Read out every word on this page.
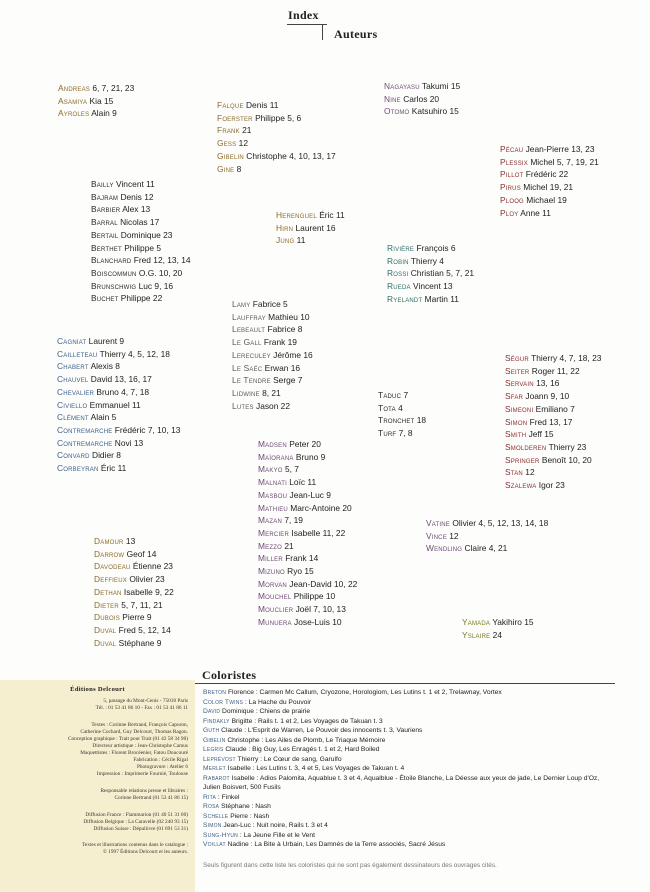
Index
Auteurs
Andreas 6, 7, 21, 23
Asamiya Kia 15
Ayroles Alain 9
Bailly Vincent 11
Bajram Denis 12
Barbier Alex 13
Barral Nicolas 17
Bertail Dominique 23
Berthet Philippe 5
Blanchard Fred 12, 13, 14
Boiscommun O.G. 10, 20
Brunschwig Luc 9, 16
Buchet Philippe 22
Cagniat Laurent 9
Cailleteau Thierry 4, 5, 12, 18
Chabert Alexis 8
Chauvel David 13, 16, 17
Chevalier Bruno 4, 7, 18
Civiello Emmanuel 11
Clément Alain 5
Contremarche Frédéric 7, 10, 13
Contremarche Novi 13
Convard Didier 8
Corbeyran Éric 11
Damour 13
Darrow Geof 14
Davodeau Étienne 23
Deffieux Olivier 23
Dethan Isabelle 9, 22
Dieter 5, 7, 11, 21
Dubois Pierre 9
Duval Fred 5, 12, 14
Duval Stéphane 9
Falque Denis 11
Foerster Philippe 5, 6
Frank 21
Gess 12
Gibelin Christophe 4, 10, 13, 17
Gine 8
Herenguel Éric 11
Hirn Laurent 16
Jung 11
Lamy Fabrice 5
Lauffray Mathieu 10
Lebeault Fabrice 8
Le Gall Frank 19
Lereculey Jérôme 16
Le Saëc Erwan 16
Le Tendre Serge 7
Lidwine 8, 21
Lutes Jason 22
Madsen Peter 20
Maïorana Bruno 9
Makyo 5, 7
Malnati Loïc 11
Masbou Jean-Luc 9
Mathieu Marc-Antoine 20
Mazan 7, 19
Mercier Isabelle 11, 22
Mezzo 21
Miller Frank 14
Mizuno Ryo 15
Morvan Jean-David 10, 22
Mouchel Philippe 10
Mouclier Joël 7, 10, 13
Munuera Jose-Luis 10
Nagayasu Takumi 15
Nine Carlos 20
Otomo Katsuhiro 15
Pécau Jean-Pierre 13, 23
Plessix Michel 5, 7, 19, 21
Pillot Frédéric 22
Pirus Michel 19, 21
Ploog Michael 19
Ploy Anne 11
Rivière François 6
Robin Thierry 4
Rossi Christian 5, 7, 21
Rueda Vincent 13
Ryelandt Martin 11
Ségur Thierry 4, 7, 18, 23
Seiter Roger 11, 22
Servain 13, 16
Sfar Joann 9, 10
Simeoni Emiliano 7
Simon Fred 13, 17
Smith Jeff 15
Smolderen Thierry 23
Springer Benoît 10, 20
Stan 12
Szalewa Igor 23
Taduc 7
Tota 4
Tronchet 18
Turf 7, 8
Vatine Olivier 4, 5, 12, 13, 14, 18
Vince 12
Wendling Claire 4, 21
Yamada Yakihiro 15
Yslaire 24
Coloristes
Éditions Delcourt
5, passage du Mont-Cenis - 75018 Paris
Tél. : 01 53 41 86 10 - Fax : 01 53 41 86 11
Textes : Corinne Bertrand, François Capuron,
Catherine Cochard, Guy Delcourt, Thomas Ragon.
Conception graphique : Trait pour Trait (01 42 58 34 90)
Directeur artistique : Jean-Christophe Camus
Maquettistes : Florent Brocéenier, Fatou Doucouré
Fabrication : Cécile Rigal
Photogravure : Atelier 6
Impression : Imprimerie Fournié, Toulouse
Responsable relations presse et libraires :
Corinne Bertrand (01 53 41 86 15)
Diffusion France : Flammarion (01 40 51 31 00)
Diffusion Belgique : La Caravelle (02 240 93 15)
Diffusion Suisse : Dépuliivre (01 691 53 31)
Textes et illustrations contenus dans le catalogue :
© 1997 Éditions Delcourt et les auteurs.
Breton Florence : Carmen Mc Callum, Cryozone, Horologiom, Les Lutins t. 1 et 2, Trelawnay, Vortex
Color Twins : La Hache du Pouvoir
David Dominique : Chiens de prairie
Findakly Brigitte : Rails t. 1 et 2, Les Voyages de Takuan t. 3
Guth Claude : L'Esprit de Warren, Le Pouvoir des innocents t. 3, Vauriens
Gibelin Christophe : Les Ailes de Plomb, Le Triaque Mémoire
Legris Claude : Big Guy, Les Enragés t. 1 et 2, Hard Boiled
Leprévost Thierry : Le Cœur de sang, Garulfo
Merlet Isabelle : Les Lutins t. 3, 4 et 5, Les Voyages de Takuan t. 4
Rabarot Isabelle : Adios Palomita, Aquablue t. 3 et 4, Aqualblue - Étoile Blanche, La Déesse aux yeux de jade, Le Dernier Loup d'Oz,
Julien Boisvert, 500 Fusils
Rita : Finkel
Rosa Stéphane : Nash
Schelle Pierre : Nash
Simon Jean-Luc : Nuit noire, Rails t. 3 et 4
Sung-Hyun : La Jeune Fille et le Vent
Voillat Nadine : La Bite à Urbain, Les Damnés de la Terre associés, Sacré Jésus
Seuls figurent dans cette liste les coloristes qui ne sont pas également dessinateurs des ouvrages cités.
